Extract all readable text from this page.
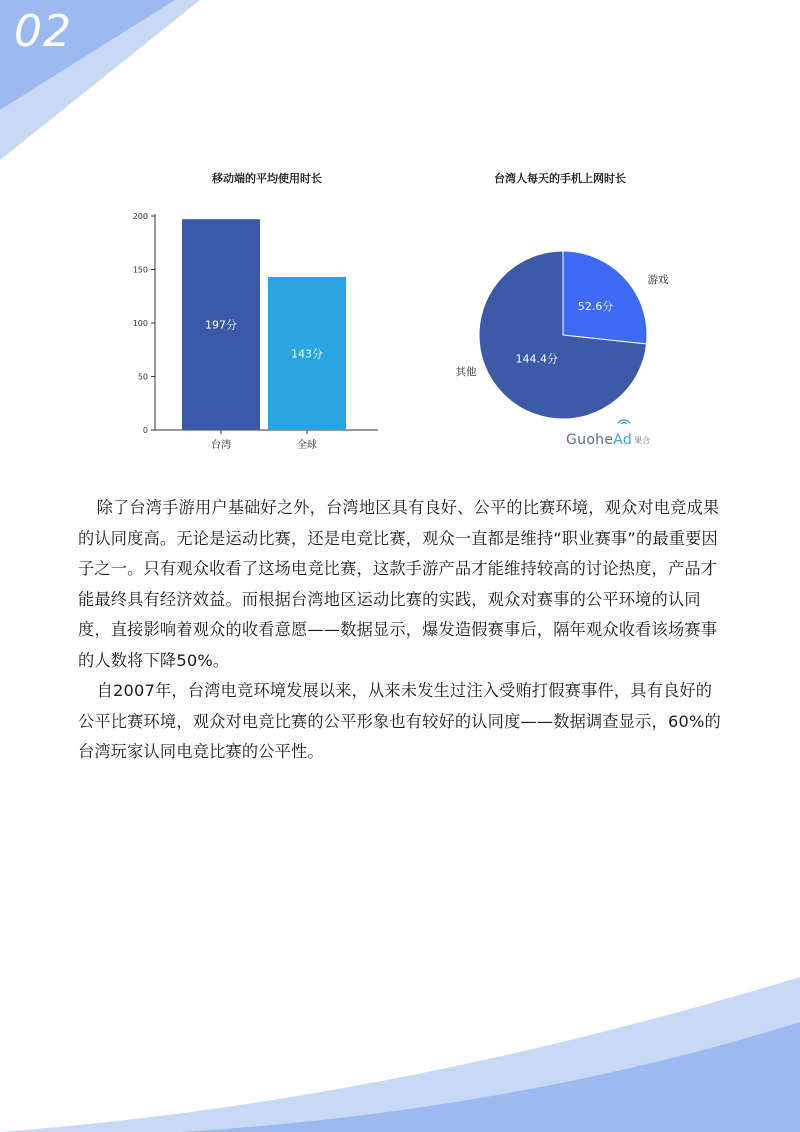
02
移动端的平均使用时长	台湾人每天的手机上网时长
0
50
100
150
200
197分
台湾
143分
全球
52.6分
游戏
144.4分
其他
GuoheAd 果合

除了台湾手游用户基础好之外，台湾地区具有良好、公平的比赛环境，观众对电竞成果的认同度高。无论是运动比赛，还是电竞比赛，观众一直都是维持“职业赛事”的最重要因子之一。只有观众收看了这场电竞比赛，这款手游产品才能维持较高的讨论热度，产品才能最终具有经济效益。而根据台湾地区运动比赛的实践，观众对赛事的公平环境的认同度，直接影响着观众的收看意愿——数据显示，爆发造假赛事后，隔年观众收看该场赛事的人数将下降50%。

自2007年，台湾电竞环境发展以来，从来未发生过注入受贿打假赛事件，具有良好的公平比赛环境，观众对电竞比赛的公平形象也有较好的认同度——数据调查显示，60%的台湾玩家认同电竞比赛的公平性。
